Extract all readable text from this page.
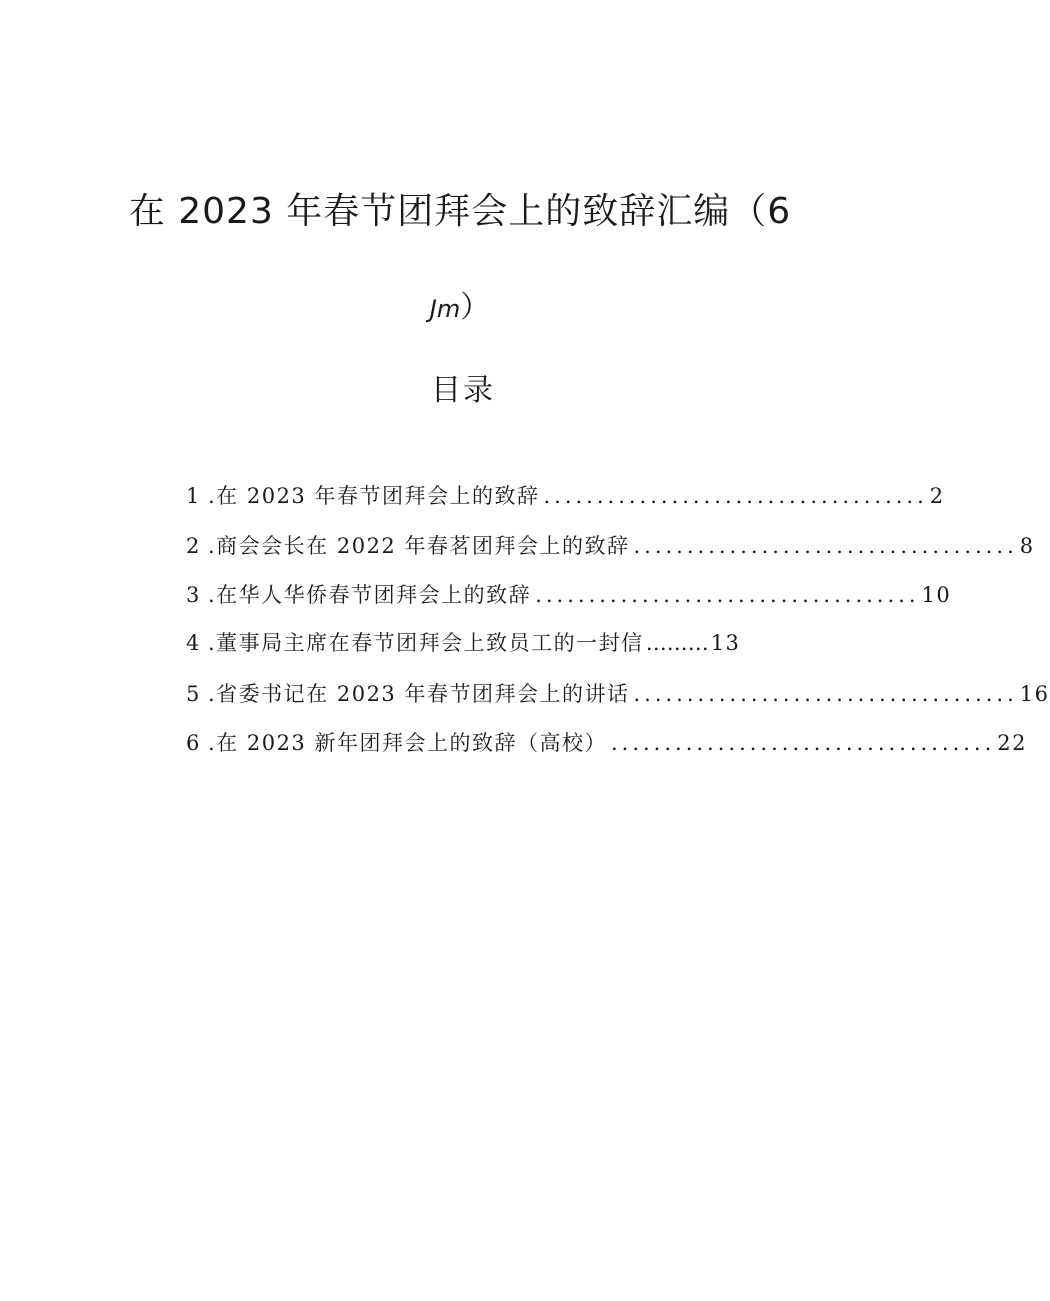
在 2023 年春节团拜会上的致辞汇编（6
Jm）
目录
1 .在 2023 年春节团拜会上的致辞 .................................... 2
2 .商会会长在 2022 年春茗团拜会上的致辞 .................................... 8
3 .在华人华侨春节团拜会上的致辞 .................................... 10
4 .董事局主席在春节团拜会上致员工的一封信 ……… 13
5 .省委书记在 2023 年春节团拜会上的讲话 .................................... 16
6 .在 2023 新年团拜会上的致辞（高校） .................................... 22
